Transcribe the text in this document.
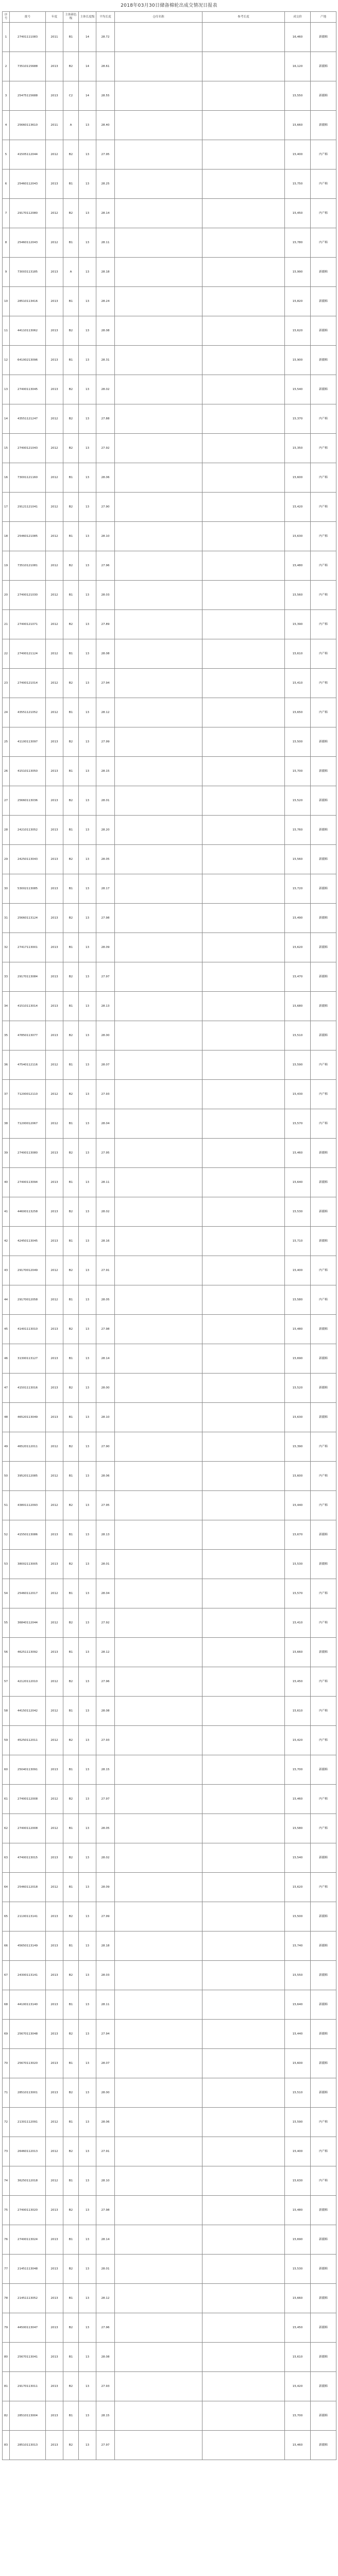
2018年03月30日储备棉轮出成交情况日报表
序号	批号	年度	主体颜色级	主体长度级	平均长度	仓库名称	参考长度	成交价	产地
1	27401111083	2011	B1	14	28.72			16,460	新疆棉
2	73510115688	2013	B2	14	28.61			16,120	新疆棉
3	25475115688	2013	C2	14	28.55			15,550	新疆棉
4	25660113610	2011	A	13	28.40			15,660	新疆棉
5	41505112044	2012	B2	13	27.95			15,400	内产棉
6	25460112043	2013	B1	13	28.25			15,750	内产棉
7	29170112080	2012	B2	13	28.14			15,450	内产棉
8	25460112043	2012	B1	13	28.11			15,780	内产棉
9	73003113185	2013	A	13	28.18			15,990	新疆棉
10	28510113416	2013	B1	13	28.24			15,820	新疆棉
11	44110113062	2013	B2	13	28.08			15,620	新疆棉
12	64100213096	2013	B1	13	28.31			15,900	新疆棉
13	27400113045	2013	B2	13	28.02			15,540	新疆棉
14	43551121247	2012	B2	13	27.88			15,370	内产棉
15	27400121043	2012	B2	13	27.92			15,350	内产棉
16	73001121160	2012	B1	13	28.06			15,600	内产棉
17	29121121041	2012	B2	13	27.90			15,420	内产棉
18	25460121085	2012	B1	13	28.10			15,630	内产棉
19	73510121081	2012	B2	13	27.96			15,480	内产棉
20	27400121030	2012	B1	13	28.03			15,560	内产棉
21	27400121071	2012	B2	13	27.89			15,390	内产棉
22	27400121124	2012	B1	13	28.08			15,610	内产棉
23	27400121014	2012	B2	13	27.94			15,410	内产棉
24	43551121052	2012	B1	13	28.12			15,650	内产棉
25	41100113097	2013	B2	13	27.99			15,500	新疆棉
26	41510113050	2013	B1	13	28.15			15,700	新疆棉
27	25660113036	2013	B2	13	28.01			15,520	新疆棉
28	24210113052	2013	B1	13	28.20			15,760	新疆棉
29	24250113043	2013	B2	13	28.05			15,560	新疆棉
30	53002113085	2013	B1	13	28.17			15,720	新疆棉
31	25660113124	2013	B2	13	27.98			15,490	新疆棉
32	27417113001	2013	B1	13	28.09			15,620	新疆棉
33	29170113084	2013	B2	13	27.97			15,470	新疆棉
34	41510113014	2013	B1	13	28.13			15,680	新疆棉
35	47850113077	2013	B2	13	28.00			15,510	新疆棉
36	47540112116	2012	B1	13	28.07			15,590	内产棉
37	71200012110	2012	B2	13	27.93			15,430	内产棉
38	71200012067	2012	B1	13	28.04			15,570	内产棉
39	27400113080	2013	B2	13	27.95			15,460	新疆棉
40	27400113094	2013	B1	13	28.11			15,640	新疆棉
41	44600113258	2013	B2	13	28.02			15,530	新疆棉
42	42450113045	2013	B1	13	28.16			15,710	新疆棉
43	29170012049	2012	B2	13	27.91			15,400	内产棉
44	29170012058	2012	B1	13	28.05			15,580	内产棉
45	41401113010	2013	B2	13	27.98			15,480	新疆棉
46	31300113127	2013	B1	13	28.14			15,690	新疆棉
47	41501113016	2013	B2	13	28.00			15,520	新疆棉
48	46520113049	2013	B1	13	28.10			15,630	新疆棉
49	46520112011	2012	B2	13	27.90			15,390	内产棉
50	39520112085	2012	B1	13	28.06			15,600	内产棉
51	43801112093	2012	B2	13	27.95			15,440	内产棉
52	41550113086	2013	B1	13	28.13			15,670	新疆棉
53	38002113005	2013	B2	13	28.01			15,530	新疆棉
54	25460112017	2012	B1	13	28.04			15,570	内产棉
55	36840112044	2012	B2	13	27.92			15,410	内产棉
56	46251113092	2013	B1	13	28.12			15,660	新疆棉
57	42120112010	2012	B2	13	27.96			15,450	内产棉
58	44150112042	2012	B1	13	28.08			15,610	内产棉
59	45250112011	2012	B2	13	27.93			15,420	内产棉
60	25040113091	2013	B1	13	28.15			15,700	新疆棉
61	27400112008	2012	B2	13	27.97			15,460	内产棉
62	27400112008	2012	B1	13	28.05			15,580	内产棉
63	47400113015	2013	B2	13	28.02			15,540	新疆棉
64	25460112018	2012	B1	13	28.09			15,620	内产棉
65	21100113141	2013	B2	13	27.99			15,500	新疆棉
66	45650113149	2013	B1	13	28.18			15,740	新疆棉
67	24300113141	2013	B2	13	28.03			15,550	新疆棉
68	44100113140	2013	B1	13	28.11			15,640	新疆棉
69	25670113048	2013	B2	13	27.94			15,440	新疆棉
70	25670113020	2013	B1	13	28.07			15,600	新疆棉
71	28510113001	2013	B2	13	28.00			15,510	新疆棉
72	21301112091	2012	B1	13	28.06			15,590	内产棉
73	26460112013	2012	B2	13	27.91			15,400	内产棉
74	36250112018	2012	B1	13	28.10			15,630	内产棉
75	27400113020	2013	B2	13	27.98			15,480	新疆棉
76	27400113024	2013	B1	13	28.14			15,690	新疆棉
77	21451113048	2013	B2	13	28.01			15,530	新疆棉
78	21451113052	2013	B1	13	28.12			15,660	新疆棉
79	44500113047	2013	B2	13	27.96			15,450	新疆棉
80	25670113041	2013	B1	13	28.08			15,610	新疆棉
81	29170113011	2013	B2	13	27.93			15,420	新疆棉
82	28510113004	2013	B1	13	28.15			15,700	新疆棉
83	28510113013	2013	B2	13	27.97			15,460	新疆棉
